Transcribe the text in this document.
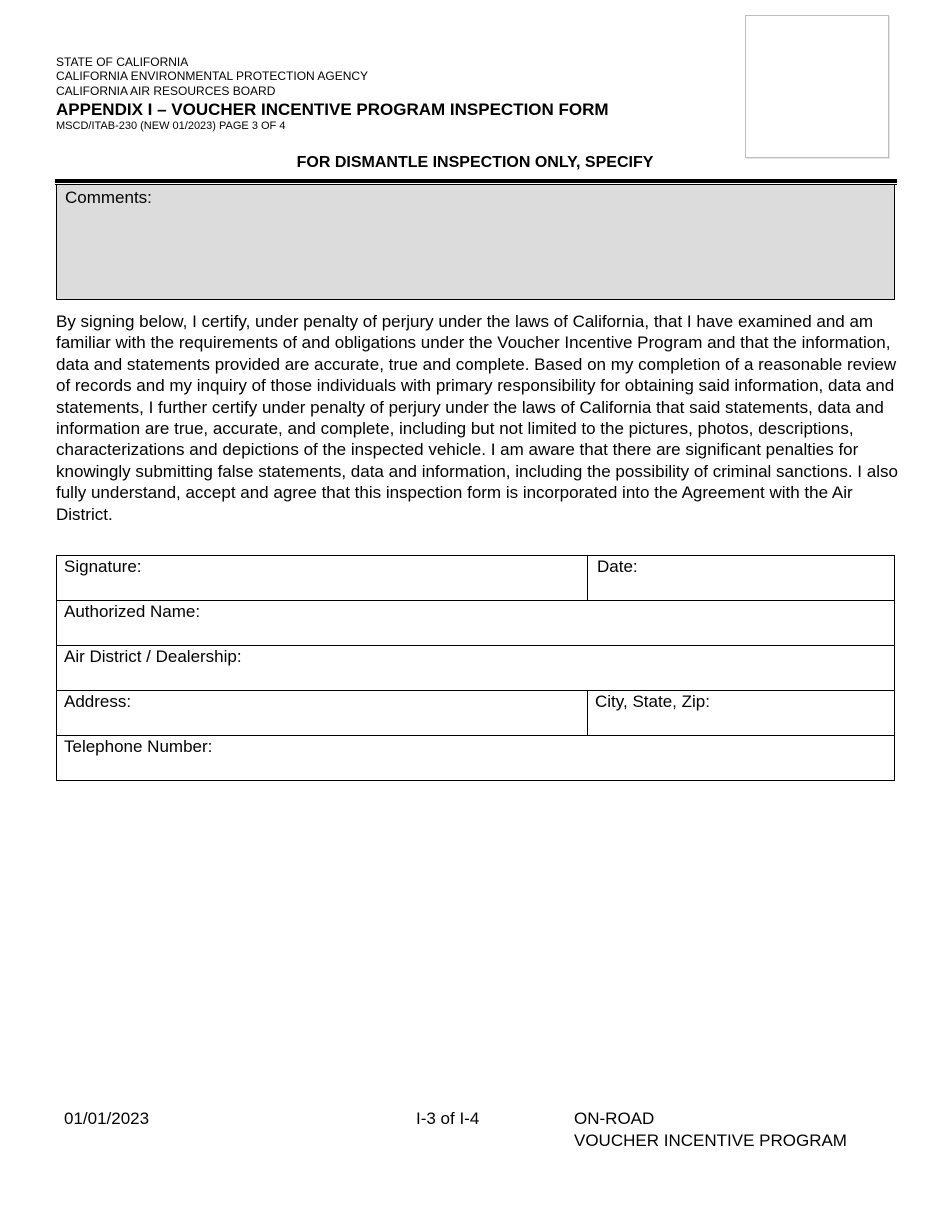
STATE OF CALIFORNIA
CALIFORNIA ENVIRONMENTAL PROTECTION AGENCY
CALIFORNIA AIR RESOURCES BOARD
APPENDIX I – VOUCHER INCENTIVE PROGRAM INSPECTION FORM
MSCD/ITAB-230 (NEW 01/2023) PAGE 3 OF 4
FOR DISMANTLE INSPECTION ONLY, SPECIFY
Comments:
By signing below, I certify, under penalty of perjury under the laws of California, that I have examined and am familiar with the requirements of and obligations under the Voucher Incentive Program and that the information, data and statements provided are accurate, true and complete. Based on my completion of a reasonable review of records and my inquiry of those individuals with primary responsibility for obtaining said information, data and statements, I further certify under penalty of perjury under the laws of California that said statements, data and information are true, accurate, and complete, including but not limited to the pictures, photos, descriptions, characterizations and depictions of the inspected vehicle. I am aware that there are significant penalties for knowingly submitting false statements, data and information, including the possibility of criminal sanctions. I also fully understand, accept and agree that this inspection form is incorporated into the Agreement with the Air District.
Signature:	Date:

Authorized Name:	

Air District / Dealership:	

Address:	City, State, Zip:

Telephone Number:	
01/01/2023	I-3 of I-4	ON-ROAD
VOUCHER INCENTIVE PROGRAM
